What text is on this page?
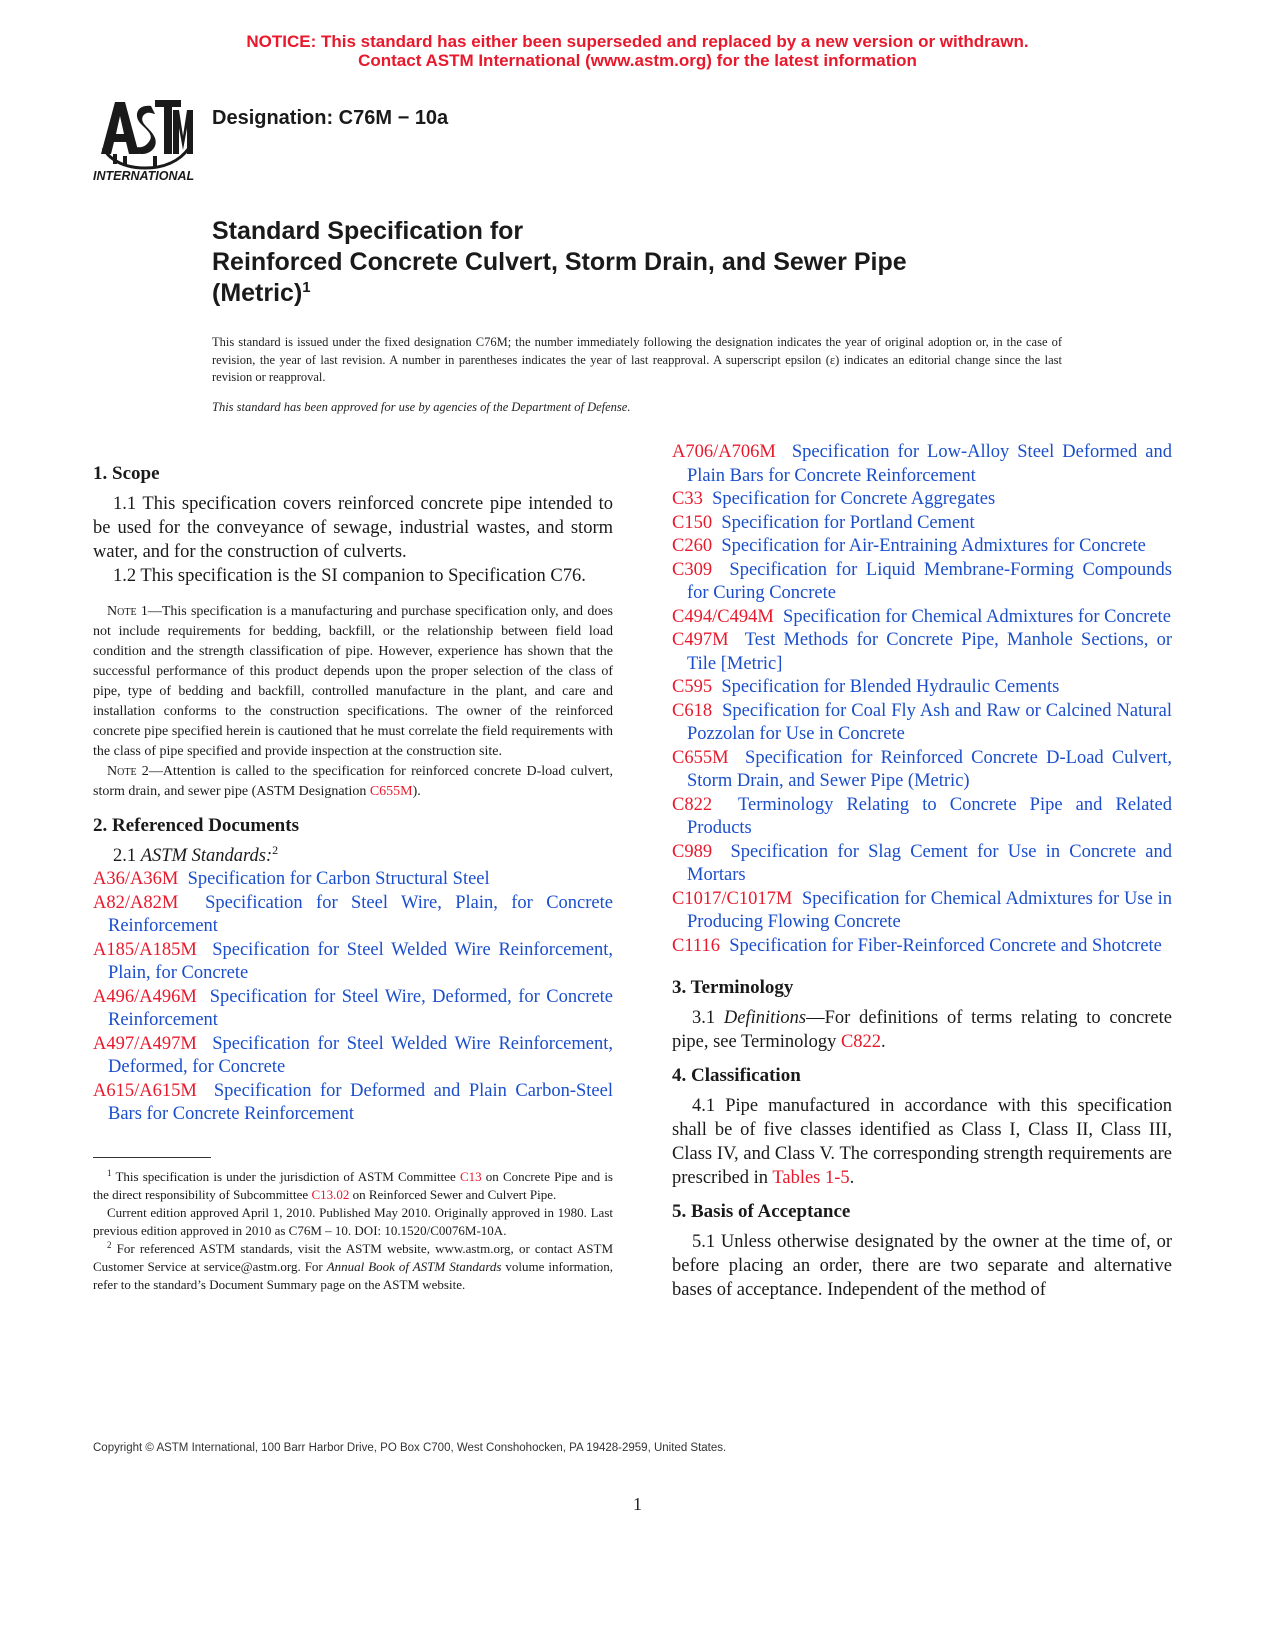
NOTICE: This standard has either been superseded and replaced by a new version or withdrawn.
Contact ASTM International (www.astm.org) for the latest information
INTERNATIONAL
Designation: C76M − 10a
Standard Specification for
Reinforced Concrete Culvert, Storm Drain, and Sewer Pipe
(Metric)$^1$

This standard is issued under the fixed designation C76M; the number immediately following the designation indicates the year of original adoption or, in the case of revision, the year of last revision. A number in parentheses indicates the year of last reapproval. A superscript epsilon (ε) indicates an editorial change since the last revision or reapproval.

This standard has been approved for use by agencies of the Department of Defense.

1. Scope

1.1 This specification covers reinforced concrete pipe intended to be used for the conveyance of sewage, industrial wastes, and storm water, and for the construction of culverts.

1.2 This specification is the SI companion to Specification C76.

Note 1—This specification is a manufacturing and purchase specification only, and does not include requirements for bedding, backfill, or the relationship between field load condition and the strength classification of pipe. However, experience has shown that the successful performance of this product depends upon the proper selection of the class of pipe, type of bedding and backfill, controlled manufacture in the plant, and care and installation conforms to the construction specifications. The owner of the reinforced concrete pipe specified herein is cautioned that he must correlate the field requirements with the class of pipe specified and provide inspection at the construction site.

Note 2—Attention is called to the specification for reinforced concrete D-load culvert, storm drain, and sewer pipe (ASTM Designation C655M).

2. Referenced Documents

2.1 ASTM Standards:$^2$

A36/A36M Specification for Carbon Structural Steel

A82/A82M Specification for Steel Wire, Plain, for Concrete Reinforcement

A185/A185M Specification for Steel Welded Wire Reinforcement, Plain, for Concrete

A496/A496M Specification for Steel Wire, Deformed, for Concrete Reinforcement

A497/A497M Specification for Steel Welded Wire Reinforcement, Deformed, for Concrete

A615/A615M Specification for Deformed and Plain Carbon-Steel Bars for Concrete Reinforcement

$^1$ This specification is under the jurisdiction of ASTM Committee C13 on Concrete Pipe and is the direct responsibility of Subcommittee C13.02 on Reinforced Sewer and Culvert Pipe.

Current edition approved April 1, 2010. Published May 2010. Originally approved in 1980. Last previous edition approved in 2010 as C76M – 10. DOI: 10.1520/C0076M-10A.

$^2$ For referenced ASTM standards, visit the ASTM website, www.astm.org, or contact ASTM Customer Service at service@astm.org. For Annual Book of ASTM Standards volume information, refer to the standard’s Document Summary page on the ASTM website.

A706/A706M Specification for Low-Alloy Steel Deformed and Plain Bars for Concrete Reinforcement

C33 Specification for Concrete Aggregates

C150 Specification for Portland Cement

C260 Specification for Air-Entraining Admixtures for Concrete

C309 Specification for Liquid Membrane-Forming Compounds for Curing Concrete

C494/C494M Specification for Chemical Admixtures for Concrete

C497M Test Methods for Concrete Pipe, Manhole Sections, or Tile [Metric]

C595 Specification for Blended Hydraulic Cements

C618 Specification for Coal Fly Ash and Raw or Calcined Natural Pozzolan for Use in Concrete

C655M Specification for Reinforced Concrete D-Load Culvert, Storm Drain, and Sewer Pipe (Metric)

C822 Terminology Relating to Concrete Pipe and Related Products

C989 Specification for Slag Cement for Use in Concrete and Mortars

C1017/C1017M Specification for Chemical Admixtures for Use in Producing Flowing Concrete

C1116 Specification for Fiber-Reinforced Concrete and Shotcrete

3. Terminology

3.1 Definitions—For definitions of terms relating to concrete pipe, see Terminology C822.

4. Classification

4.1 Pipe manufactured in accordance with this specification shall be of five classes identified as Class I, Class II, Class III, Class IV, and Class V. The corresponding strength requirements are prescribed in Tables 1-5.

5. Basis of Acceptance

5.1 Unless otherwise designated by the owner at the time of, or before placing an order, there are two separate and alternative bases of acceptance. Independent of the method of

Copyright © ASTM International, 100 Barr Harbor Drive, PO Box C700, West Conshohocken, PA 19428-2959, United States.
1
